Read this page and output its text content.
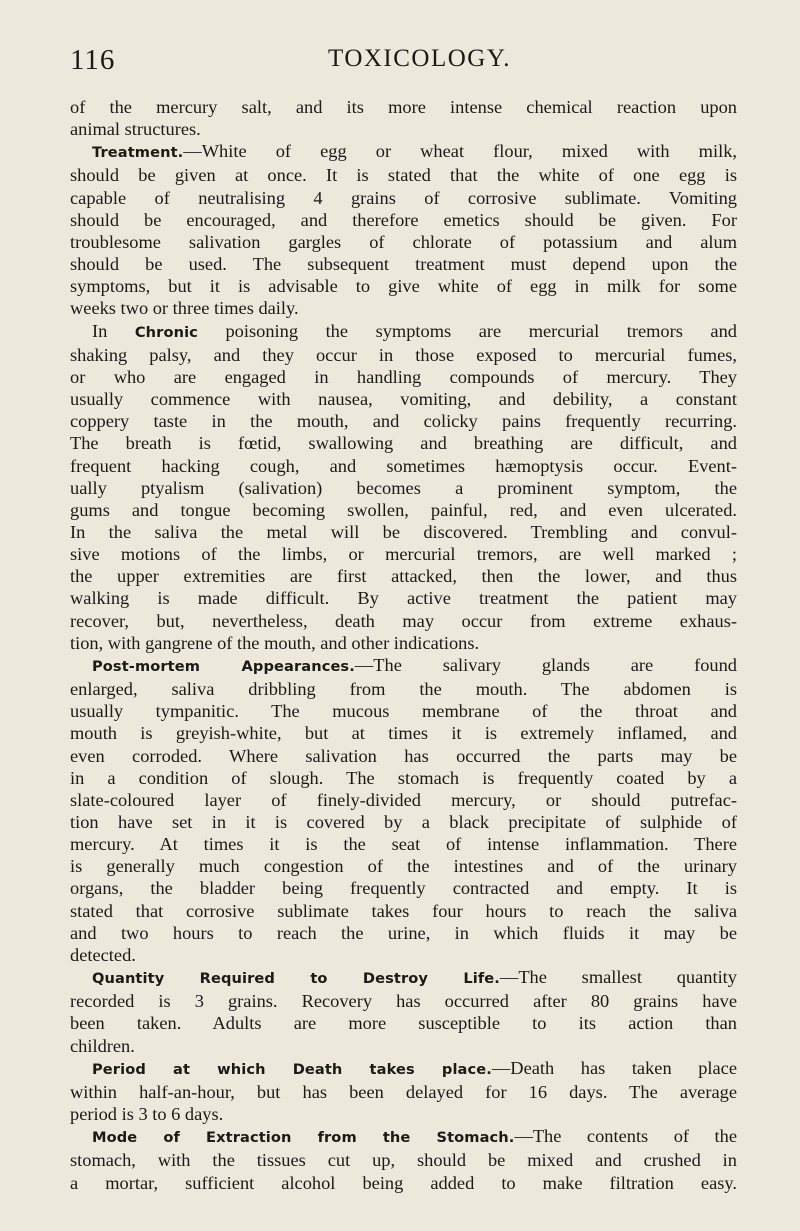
116	TOXICOLOGY.

of the mercury salt, and its more intense chemical reaction upon

animal structures.

Treatment.—White of egg or wheat flour, mixed with milk,

should be given at once. It is stated that the white of one egg is

capable of neutralising 4 grains of corrosive sublimate. Vomiting

should be encouraged, and therefore emetics should be given. For

troublesome salivation gargles of chlorate of potassium and alum

should be used. The subsequent treatment must depend upon the

symptoms, but it is advisable to give white of egg in milk for some

weeks two or three times daily.

In Chronic poisoning the symptoms are mercurial tremors and

shaking palsy, and they occur in those exposed to mercurial fumes,

or who are engaged in handling compounds of mercury. They

usually commence with nausea, vomiting, and debility, a constant

coppery taste in the mouth, and colicky pains frequently recurring.

The breath is fœtid, swallowing and breathing are difficult, and

frequent hacking cough, and sometimes hæmoptysis occur. Event-

ually ptyalism (salivation) becomes a prominent symptom, the

gums and tongue becoming swollen, painful, red, and even ulcerated.

In the saliva the metal will be discovered. Trembling and convul-

sive motions of the limbs, or mercurial tremors, are well marked ;

the upper extremities are first attacked, then the lower, and thus

walking is made difficult. By active treatment the patient may

recover, but, nevertheless, death may occur from extreme exhaus-

tion, with gangrene of the mouth, and other indications.

Post-mortem Appearances.—The salivary glands are found

enlarged, saliva dribbling from the mouth. The abdomen is

usually tympanitic. The mucous membrane of the throat and

mouth is greyish-white, but at times it is extremely inflamed, and

even corroded. Where salivation has occurred the parts may be

in a condition of slough. The stomach is frequently coated by a

slate-coloured layer of finely-divided mercury, or should putrefac-

tion have set in it is covered by a black precipitate of sulphide of

mercury. At times it is the seat of intense inflammation. There

is generally much congestion of the intestines and of the urinary

organs, the bladder being frequently contracted and empty. It is

stated that corrosive sublimate takes four hours to reach the saliva

and two hours to reach the urine, in which fluids it may be

detected.

Quantity Required to Destroy Life.—The smallest quantity

recorded is 3 grains. Recovery has occurred after 80 grains have

been taken. Adults are more susceptible to its action than

children.

Period at which Death takes place.—Death has taken place

within half-an-hour, but has been delayed for 16 days. The average

period is 3 to 6 days.

Mode of Extraction from the Stomach.—The contents of the

stomach, with the tissues cut up, should be mixed and crushed in

a mortar, sufficient alcohol being added to make filtration easy.
